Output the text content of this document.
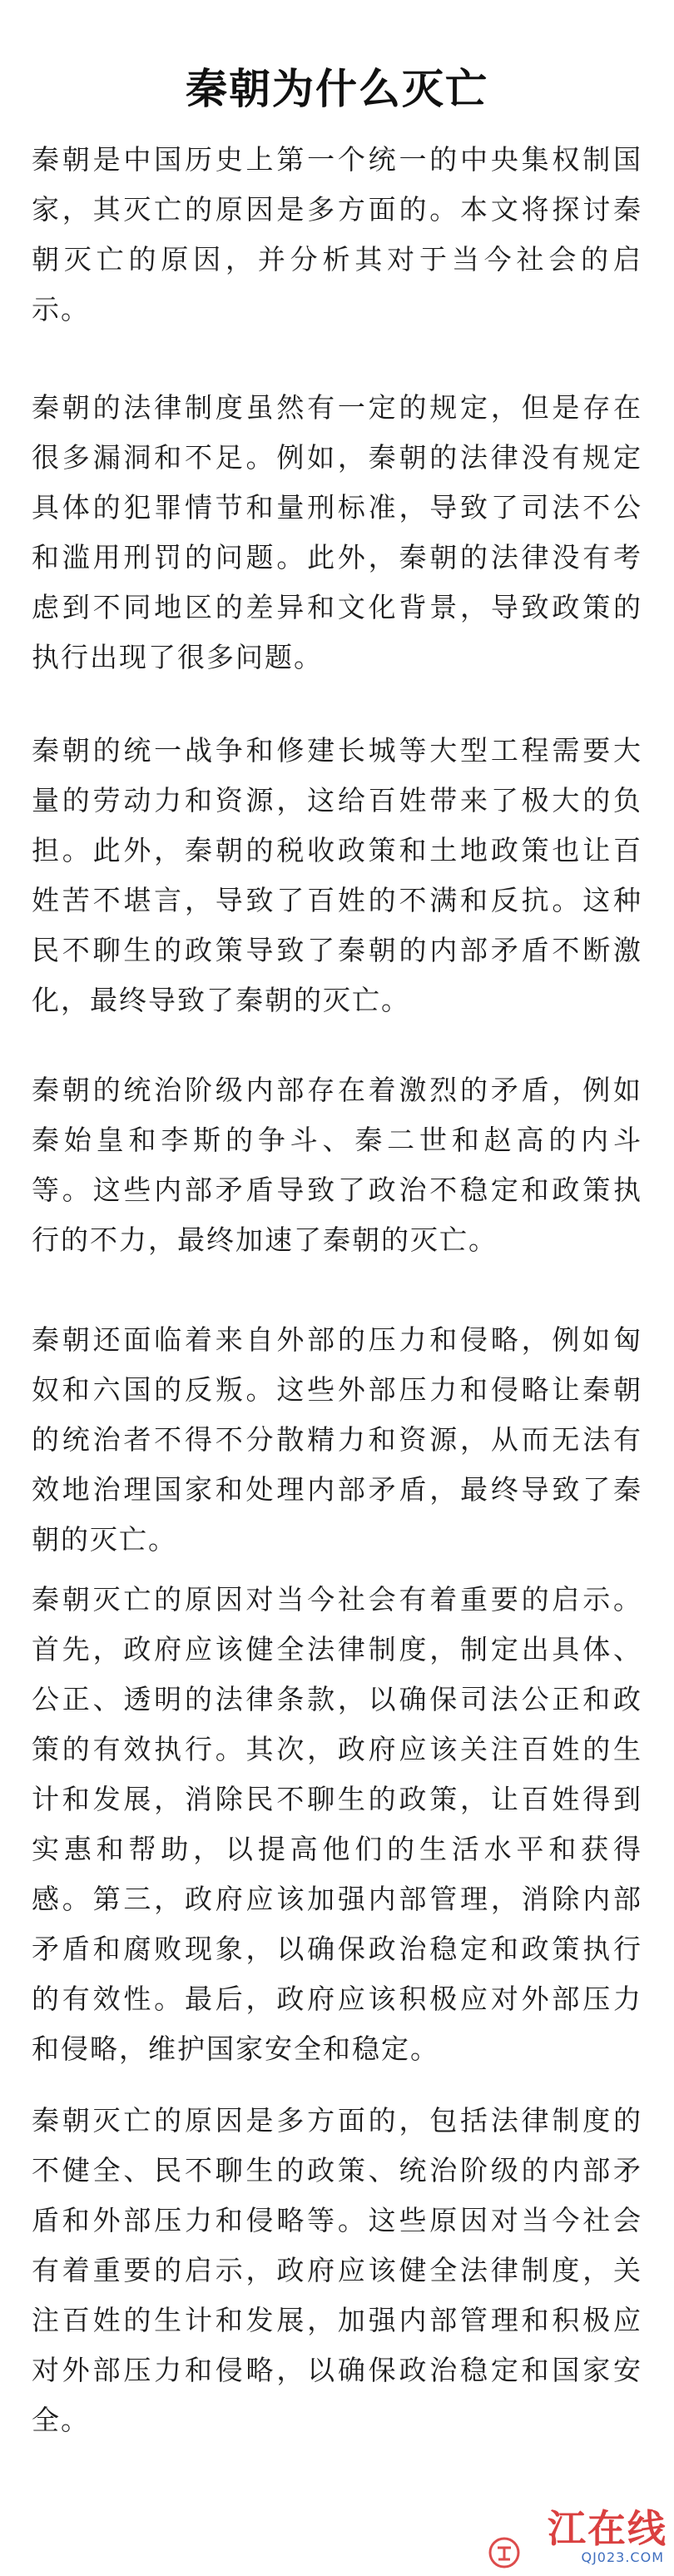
秦朝为什么灭亡

秦朝是中国历史上第一个统一的中央集权制国家，其灭亡的原因是多方面的。本文将探讨秦朝灭亡的原因，并分析其对于当今社会的启示。

秦朝的法律制度虽然有一定的规定，但是存在很多漏洞和不足。例如，秦朝的法律没有规定具体的犯罪情节和量刑标准，导致了司法不公和滥用刑罚的问题。此外，秦朝的法律没有考虑到不同地区的差异和文化背景，导致政策的执行出现了很多问题。

秦朝的统一战争和修建长城等大型工程需要大量的劳动力和资源，这给百姓带来了极大的负担。此外，秦朝的税收政策和土地政策也让百姓苦不堪言，导致了百姓的不满和反抗。这种民不聊生的政策导致了秦朝的内部矛盾不断激化，最终导致了秦朝的灭亡。

秦朝的统治阶级内部存在着激烈的矛盾，例如秦始皇和李斯的争斗、秦二世和赵高的内斗等。这些内部矛盾导致了政治不稳定和政策执行的不力，最终加速了秦朝的灭亡。

秦朝还面临着来自外部的压力和侵略，例如匈奴和六国的反叛。这些外部压力和侵略让秦朝的统治者不得不分散精力和资源，从而无法有效地治理国家和处理内部矛盾，最终导致了秦朝的灭亡。

秦朝灭亡的原因对当今社会有着重要的启示。首先，政府应该健全法律制度，制定出具体、公正、透明的法律条款，以确保司法公正和政策的有效执行。其次，政府应该关注百姓的生计和发展，消除民不聊生的政策，让百姓得到实惠和帮助，以提高他们的生活水平和获得感。第三，政府应该加强内部管理，消除内部矛盾和腐败现象，以确保政治稳定和政策执行的有效性。最后，政府应该积极应对外部压力和侵略，维护国家安全和稳定。

秦朝灭亡的原因是多方面的，包括法律制度的不健全、民不聊生的政策、统治阶级的内部矛盾和外部压力和侵略等。这些原因对当今社会有着重要的启示，政府应该健全法律制度，关注百姓的生计和发展，加强内部管理和积极应对外部压力和侵略，以确保政治稳定和国家安全。

江在线
QJ023.COM
